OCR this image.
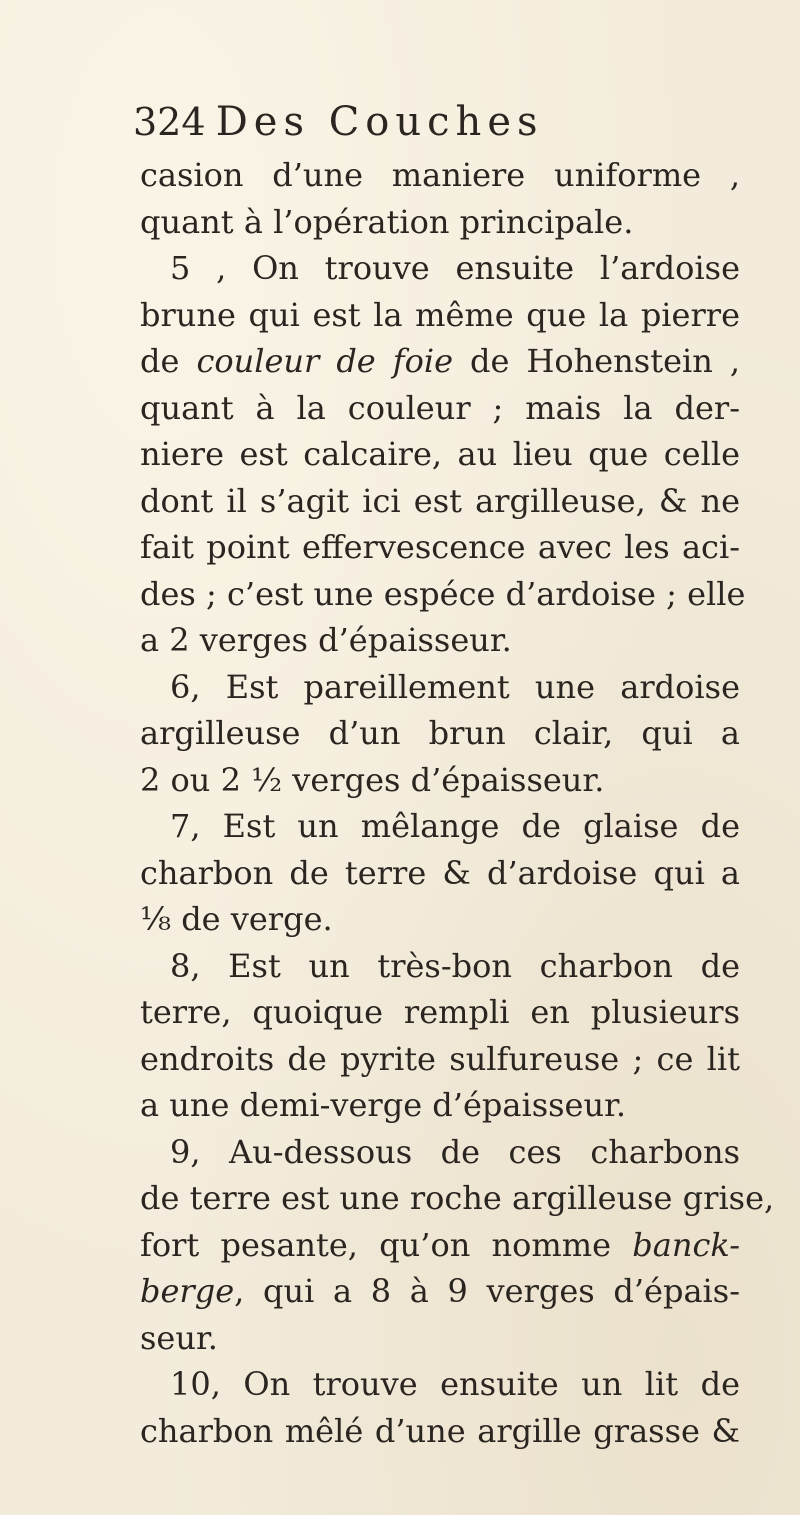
324 Des Couches
casion d’une maniere uniforme ,
quant à l’opération principale.
5 , On trouve ensuite l’ardoise
brune qui est la même que la pierre
de couleur de foie de Hohenstein ,
quant à la couleur ; mais la der-
niere est calcaire, au lieu que celle
dont il s’agit ici est argilleuse, & ne
fait point effervescence avec les aci-
des ; c’est une espéce d’ardoise ; elle
a 2 verges d’épaisseur.
6, Est pareillement une ardoise
argilleuse d’un brun clair, qui a
2 ou 2 ½ verges d’épaisseur.
7, Est un mêlange de glaise de
charbon de terre & d’ardoise qui a
⅛ de verge.
8, Est un très-bon charbon de
terre, quoique rempli en plusieurs
endroits de pyrite sulfureuse ; ce lit
a une demi-verge d’épaisseur.
9, Au-dessous de ces charbons
de terre est une roche argilleuse grise,
fort pesante, qu’on nomme banck-
berge, qui a 8 à 9 verges d’épais-
seur.
10, On trouve ensuite un lit de
charbon mêlé d’une argille grasse &
